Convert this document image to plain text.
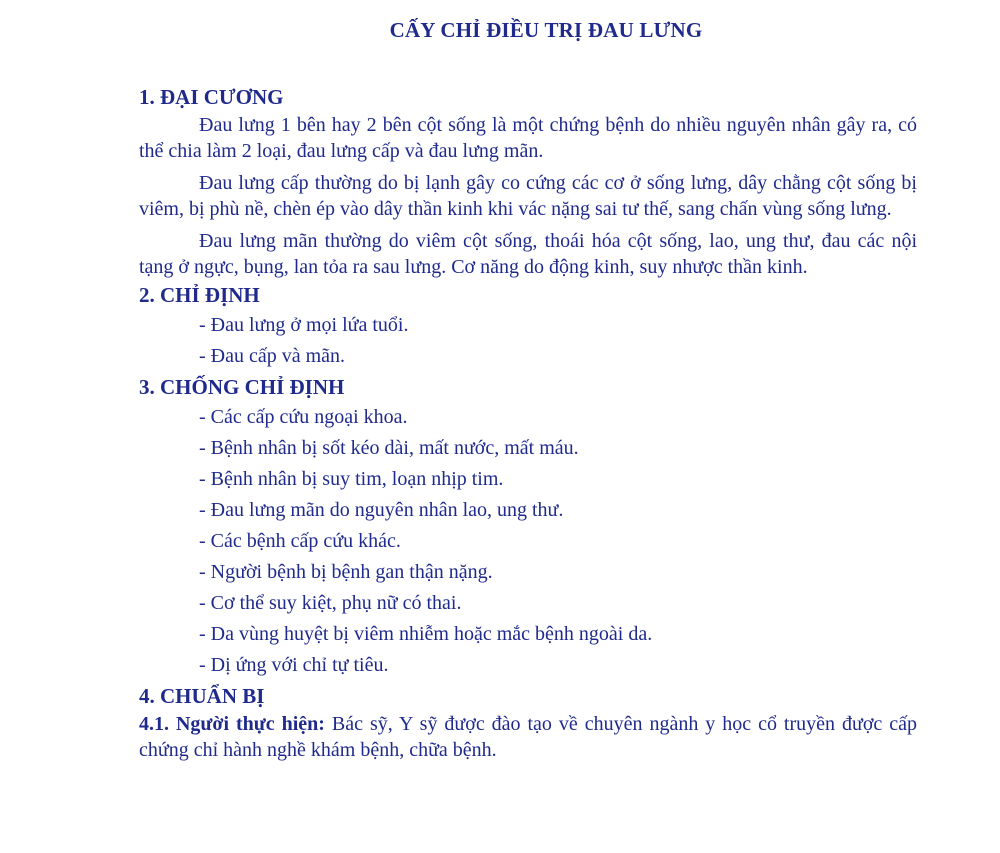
CẤY CHỈ ĐIỀU TRỊ ĐAU LƯNG
1. ĐẠI CƯƠNG

Đau lưng 1 bên hay 2 bên cột sống là một chứng bệnh do nhiều nguyên nhân gây ra, có thể chia làm 2 loại, đau lưng cấp và đau lưng mãn.

Đau lưng cấp thường do bị lạnh gây co cứng các cơ ở sống lưng, dây chằng cột sống bị viêm, bị phù nề, chèn ép vào dây thần kinh khi vác nặng sai tư thế, sang chấn vùng sống lưng.

Đau lưng mãn thường do viêm cột sống, thoái hóa cột sống, lao, ung thư, đau các nội tạng ở ngực, bụng, lan tỏa ra sau lưng. Cơ năng do động kinh, suy nhược thần kinh.

2. CHỈ ĐỊNH
- Đau lưng ở mọi lứa tuổi.
- Đau cấp và mãn.
3. CHỐNG CHỈ ĐỊNH
- Các cấp cứu ngoại khoa.
- Bệnh nhân bị sốt kéo dài, mất nước, mất máu.
- Bệnh nhân bị suy tim, loạn nhịp tim.
- Đau lưng mãn do nguyên nhân lao, ung thư.
- Các bệnh cấp cứu khác.
- Người bệnh bị bệnh gan thận nặng.
- Cơ thể suy kiệt, phụ nữ có thai.
- Da vùng huyệt bị viêm nhiễm hoặc mắc bệnh ngoài da.
- Dị ứng với chỉ tự tiêu.
4. CHUẨN BỊ

4.1. Người thực hiện: Bác sỹ, Y sỹ được đào tạo về chuyên ngành y học cổ truyền được cấp chứng chỉ hành nghề khám bệnh, chữa bệnh.
